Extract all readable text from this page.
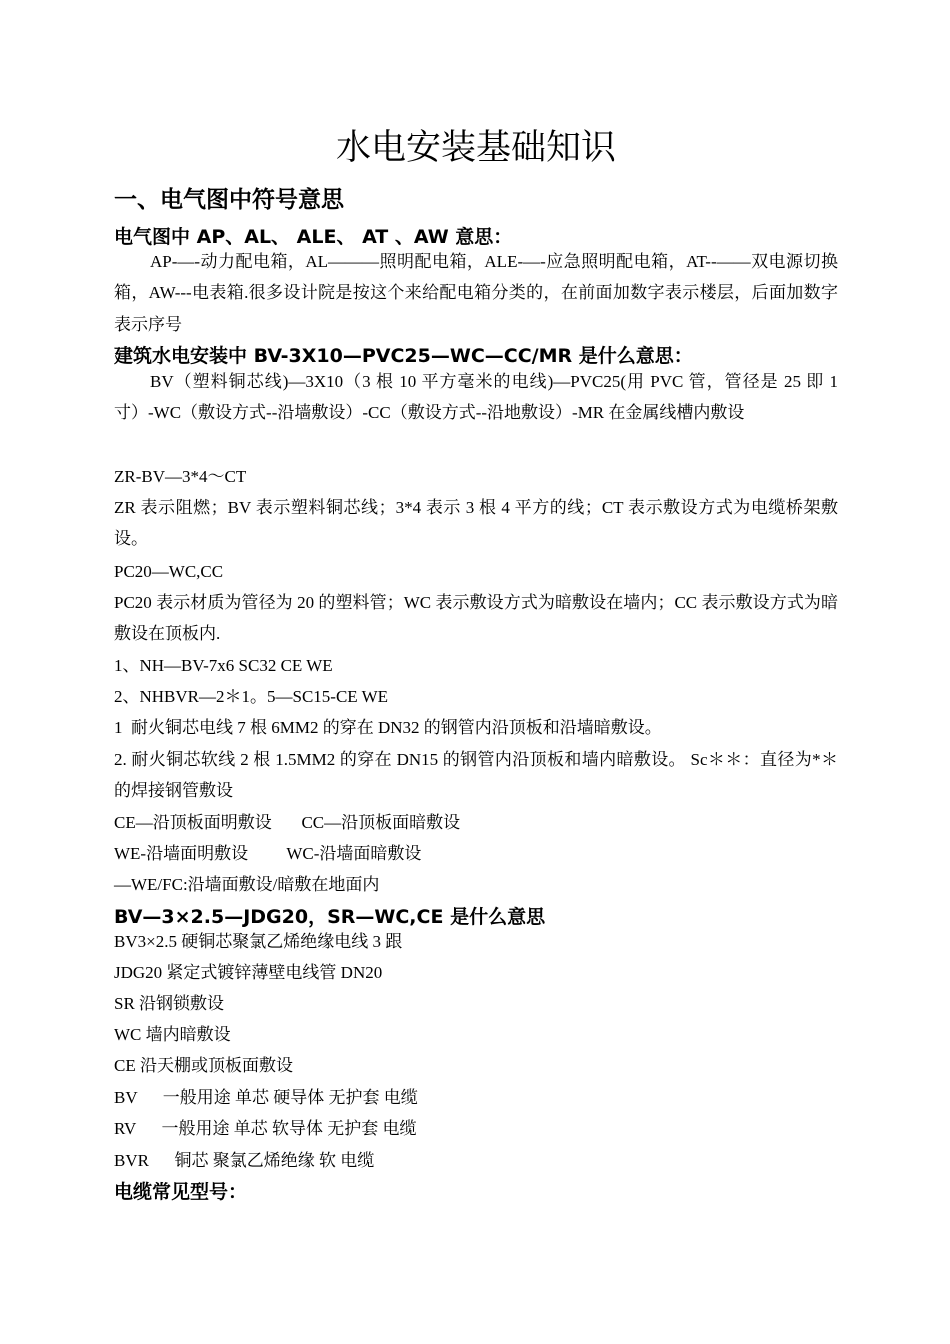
水电安装基础知识
一、电气图中符号意思
电气图中 AP、AL、 ALE、 AT 、AW 意思：

AP-—-动力配电箱，AL———照明配电箱，ALE-—-应急照明配电箱，AT--——双电源切换箱，AW---电表箱.很多设计院是按这个来给配电箱分类的，在前面加数字表示楼层，后面加数字表示序号

建筑水电安装中 BV-3X10—PVC25—WC—CC/MR 是什么意思：

BV（塑料铜芯线)—3X10（3 根 10 平方毫米的电线)—PVC25(用 PVC 管，管径是 25 即 1 寸）-WC（敷设方式--沿墙敷设）-CC（敷设方式--沿地敷设）-MR 在金属线槽内敷设

ZR-BV—3*4～CT

ZR 表示阻燃；BV 表示塑料铜芯线；3*4 表示 3 根 4 平方的线；CT 表示敷设方式为电缆桥架敷设。

PC20—WC,CC

PC20 表示材质为管径为 20 的塑料管；WC 表示敷设方式为暗敷设在墙内；CC 表示敷设方式为暗敷设在顶板内.

1、NH—BV-7x6 SC32 CE WE

2、NHBVR—2＊1。5—SC15-CE WE

1  耐火铜芯电线 7 根 6MM2 的穿在 DN32 的钢管内沿顶板和沿墙暗敷设。

2. 耐火铜芯软线 2 根 1.5MM2 的穿在 DN15 的钢管内沿顶板和墙内暗敷设。 Sc＊＊：直径为*＊的焊接钢管敷设

CE—沿顶板面明敷设       CC—沿顶板面暗敷设

WE-沿墙面明敷设         WC-沿墙面暗敷设

—WE/FC:沿墙面敷设/暗敷在地面内

BV—3×2.5—JDG20，SR—WC,CE 是什么意思

BV3×2.5 硬铜芯聚氯乙烯绝缘电线 3 跟

JDG20 紧定式镀锌薄壁电线管 DN20

SR 沿钢锁敷设

WC 墙内暗敷设

CE 沿天棚或顶板面敷设

BV      一般用途 单芯 硬导体 无护套 电缆

RV      一般用途 单芯 软导体 无护套 电缆

BVR      铜芯 聚氯乙烯绝缘 软 电缆

电缆常见型号：
